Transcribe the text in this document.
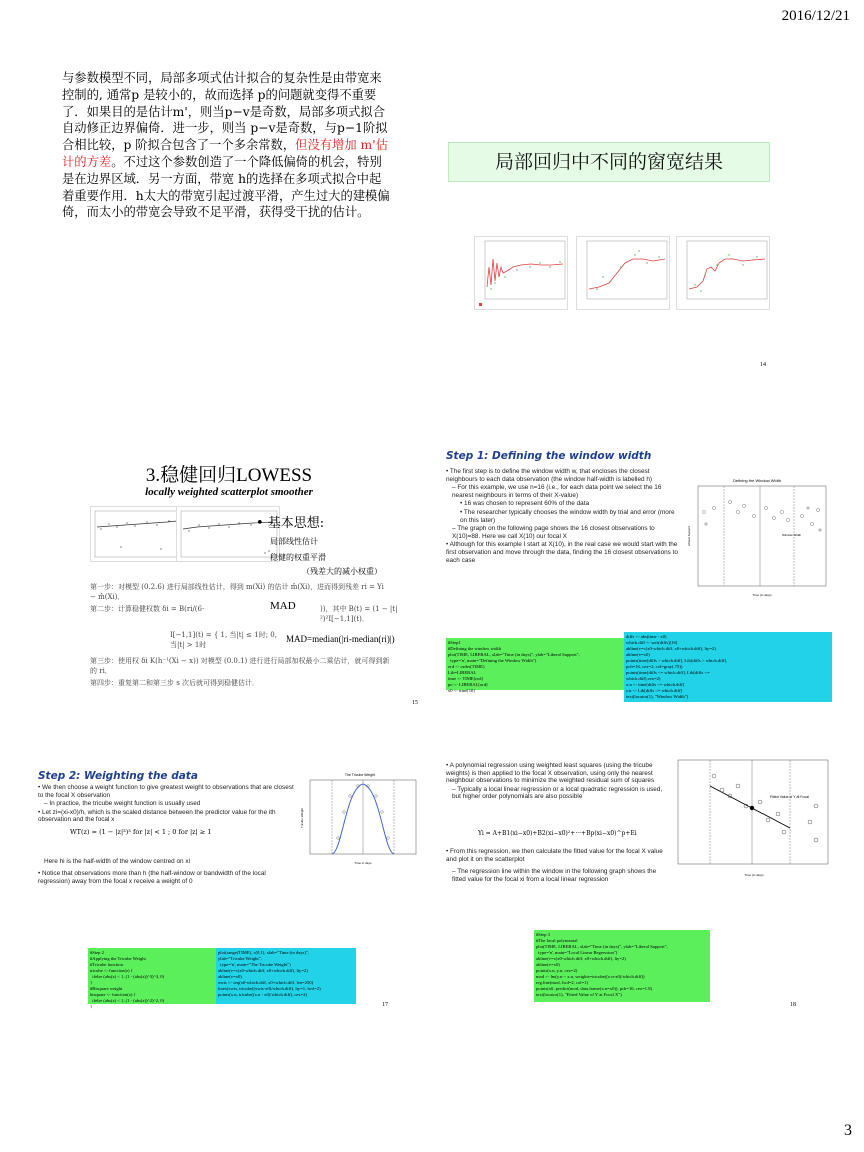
2016/12/21
与参数模型不同，局部多项式估计拟合的复杂性是由带宽来控制的, 通常p 是较小的，故而选择 p的问题就变得不重要了．如果目的是估计m'，则当p−v是奇数，局部多项式拟合自动修正边界偏倚．进一步，则当 p−v是奇数，与p−1阶拟合相比较，p 阶拟合包含了一个多余常数，但没有增加 m'估计的方差。不过这个参数创造了一个降低偏倚的机会，特别是在边界区域．另一方面，带宽 h的选择在多项式拟合中起着重要作用．h太大的带宽引起过渡平滑，产生过大的建模偏倚，而太小的带宽会导致不足平滑，获得受干扰的估计。
局部回归中不同的窗宽结果
14
3.稳健回归LOWESS
locally weighted scatterplot smoother
• 基本思想:
局部线性估计
稳健的权重平滑
（残差大的减小权重）
第一步：对模型 (0.2.6) 进行局部线性估计，得到 m(Xi) 的估计 m̂(Xi)，进而得到残差 ri = Yi − m̂(Xi)．
第二步：计算稳健权数 δi = B(ri/(6·	MAD	))，其中 B(t) = (1 − |t|²)²I[−1,1](t)．
I[−1,1](t) = { 1, 当|t| ≤ 1时; 0, 当|t| > 1时
MAD=median(|ri-median(ri)|)
第三步：使用权 δi K(h⁻¹(Xi − x)) 对模型 (0.0.1) 进行进行局部加权最小二乘估计，就可得到新的 ri．
第四步：重复第二和第三步 s 次后就可得到稳健估计．
15
Step 1: Defining the window width

• The first step is to define the window width w, that encloses the closest neighbours to each data observation (the window half-width is labelled h)

– For this example, we use n=16 (i.e., for each data point we select the 16 nearest neighbours in terms of their X-value)

• 16 was chosen to represent 60% of the data

• The researcher typically chooses the window width by trial and error (more on this later)

– The graph on the following page shows the 16 closest observations to X(10)=88. Here we call X(10) our focal X

• Although for this example I start at X(10), in the real case we would start with the first observation and move through the data, finding the 16 closest observations to each case

Defining the Window Width
Window Width
Time (in days)
Liberal Support
#Step1
#Defining the window width
plot(TIME, LIBERAL, xlab="Time (in days)", ylab="Liberal Support",
type='n', main="Defining the Window Width")
ord <- order(TIME)
Lib=LIBERAL
time <- TIME[ord]
po <- LIBERAL[ord]
x0 <- time[10]
diffs <- abs(time - x0)
which.diff <- sort(diffs)[16]
abline(v=c(x0-which.diff, x0+which.diff), lty=2)
abline(v=x0)
points(time[diffs > which.diff], Lib[diffs > which.diff],
pch=16, cex=2, col=gray(.75))
points(time[diffs <= which.diff], Lib[diffs <=
which.diff],cex=2)
x.n <- time[diffs <= which.diff]
y.n <- Lib[diffs <= which.diff]
text(locator(1), "Window Width")
Step 2: Weighting the data

• We then choose a weight function to give greatest weight to observations that are closest to the focal X observation

– In practice, the tricube weight function is usually used

• Let zi=(xi-x0)/h, which is the scaled distance between the predictor value for the ith observation and the focal x

WT(z) = (1 − |z|³)³ for |z| < 1 ; 0 for |z| ≥ 1
Here hi is the half-width of the window centred on xi
• Notice that observations more than h (the half-window or bandwidth of the local regression) away from the focal x receive a weight of 0
The Tricube Weight
Time in days
Tricube Weight
#Step 2
#Applying the Tricube Weight
#Tricube function
tricube <- function(z) {
ifelse (abs(z) < 1, (1 - (abs(z))^3)^3, 0)
}
#Bisquare weight
bisquare <- function(z) {
ifelse (abs(z) < 1, (1 - (abs(z))^2)^2, 0)
}
plot(range(TIME), c(0,1), xlab="Time (in days)",
ylab="Tricube Weight",
type='n', main="The Tricube Weight")
abline(v=c(x0-which.diff, x0+which.diff), lty=2)
abline(v=x0)
xwts <- seq(x0-which.diff, x0+which.diff, len=250)
lines(xwts, tricube((xwts-x0)/which.diff), lty=1, lwd=2)
points(x.n, tricube((x.n - x0)/which.diff), cex=2)
17

• A polynomial regression using weighted least squares (using the tricube weights) is then applied to the focal X observation, using only the nearest neighbour observations to minimize the weighted residual sum of squares

– Typically a local linear regression or a local quadratic regression is used, but higher order polynomials are also possible

Yi = A+B1(xi−x0)+B2(xi−x0)²+···+Bp(xi−x0)^p+Ei
• From this regression, we then calculate the fitted value for the focal X value and plot it on the scatterplot
– The regression line within the window in the following graph shows the fitted value for the focal xi from a local linear regression
Fitted Value of Y at Focal
Time (in days)
#Step 3
#The local polynomial
plot(TIME, LIBERAL, xlab="Time (in days)", ylab="Liberal Support",
type='n', main="Local Linear Regression")
abline(v=c(x0-which.diff, x0+which.diff), lty=2)
abline(v=x0)
points(x.n, y.n, cex=2)
mod <- lm(y.n ~ x.n, weights=tricube((x.n-x0)/which.diff))
reg.line(mod, lwd=2, col=1)
points(x0, predict(mod, data.frame(x.n=x0)), pch=16, cex=1.8)
text(locator(1), "Fitted Value of Y at Focal X")
18
3
